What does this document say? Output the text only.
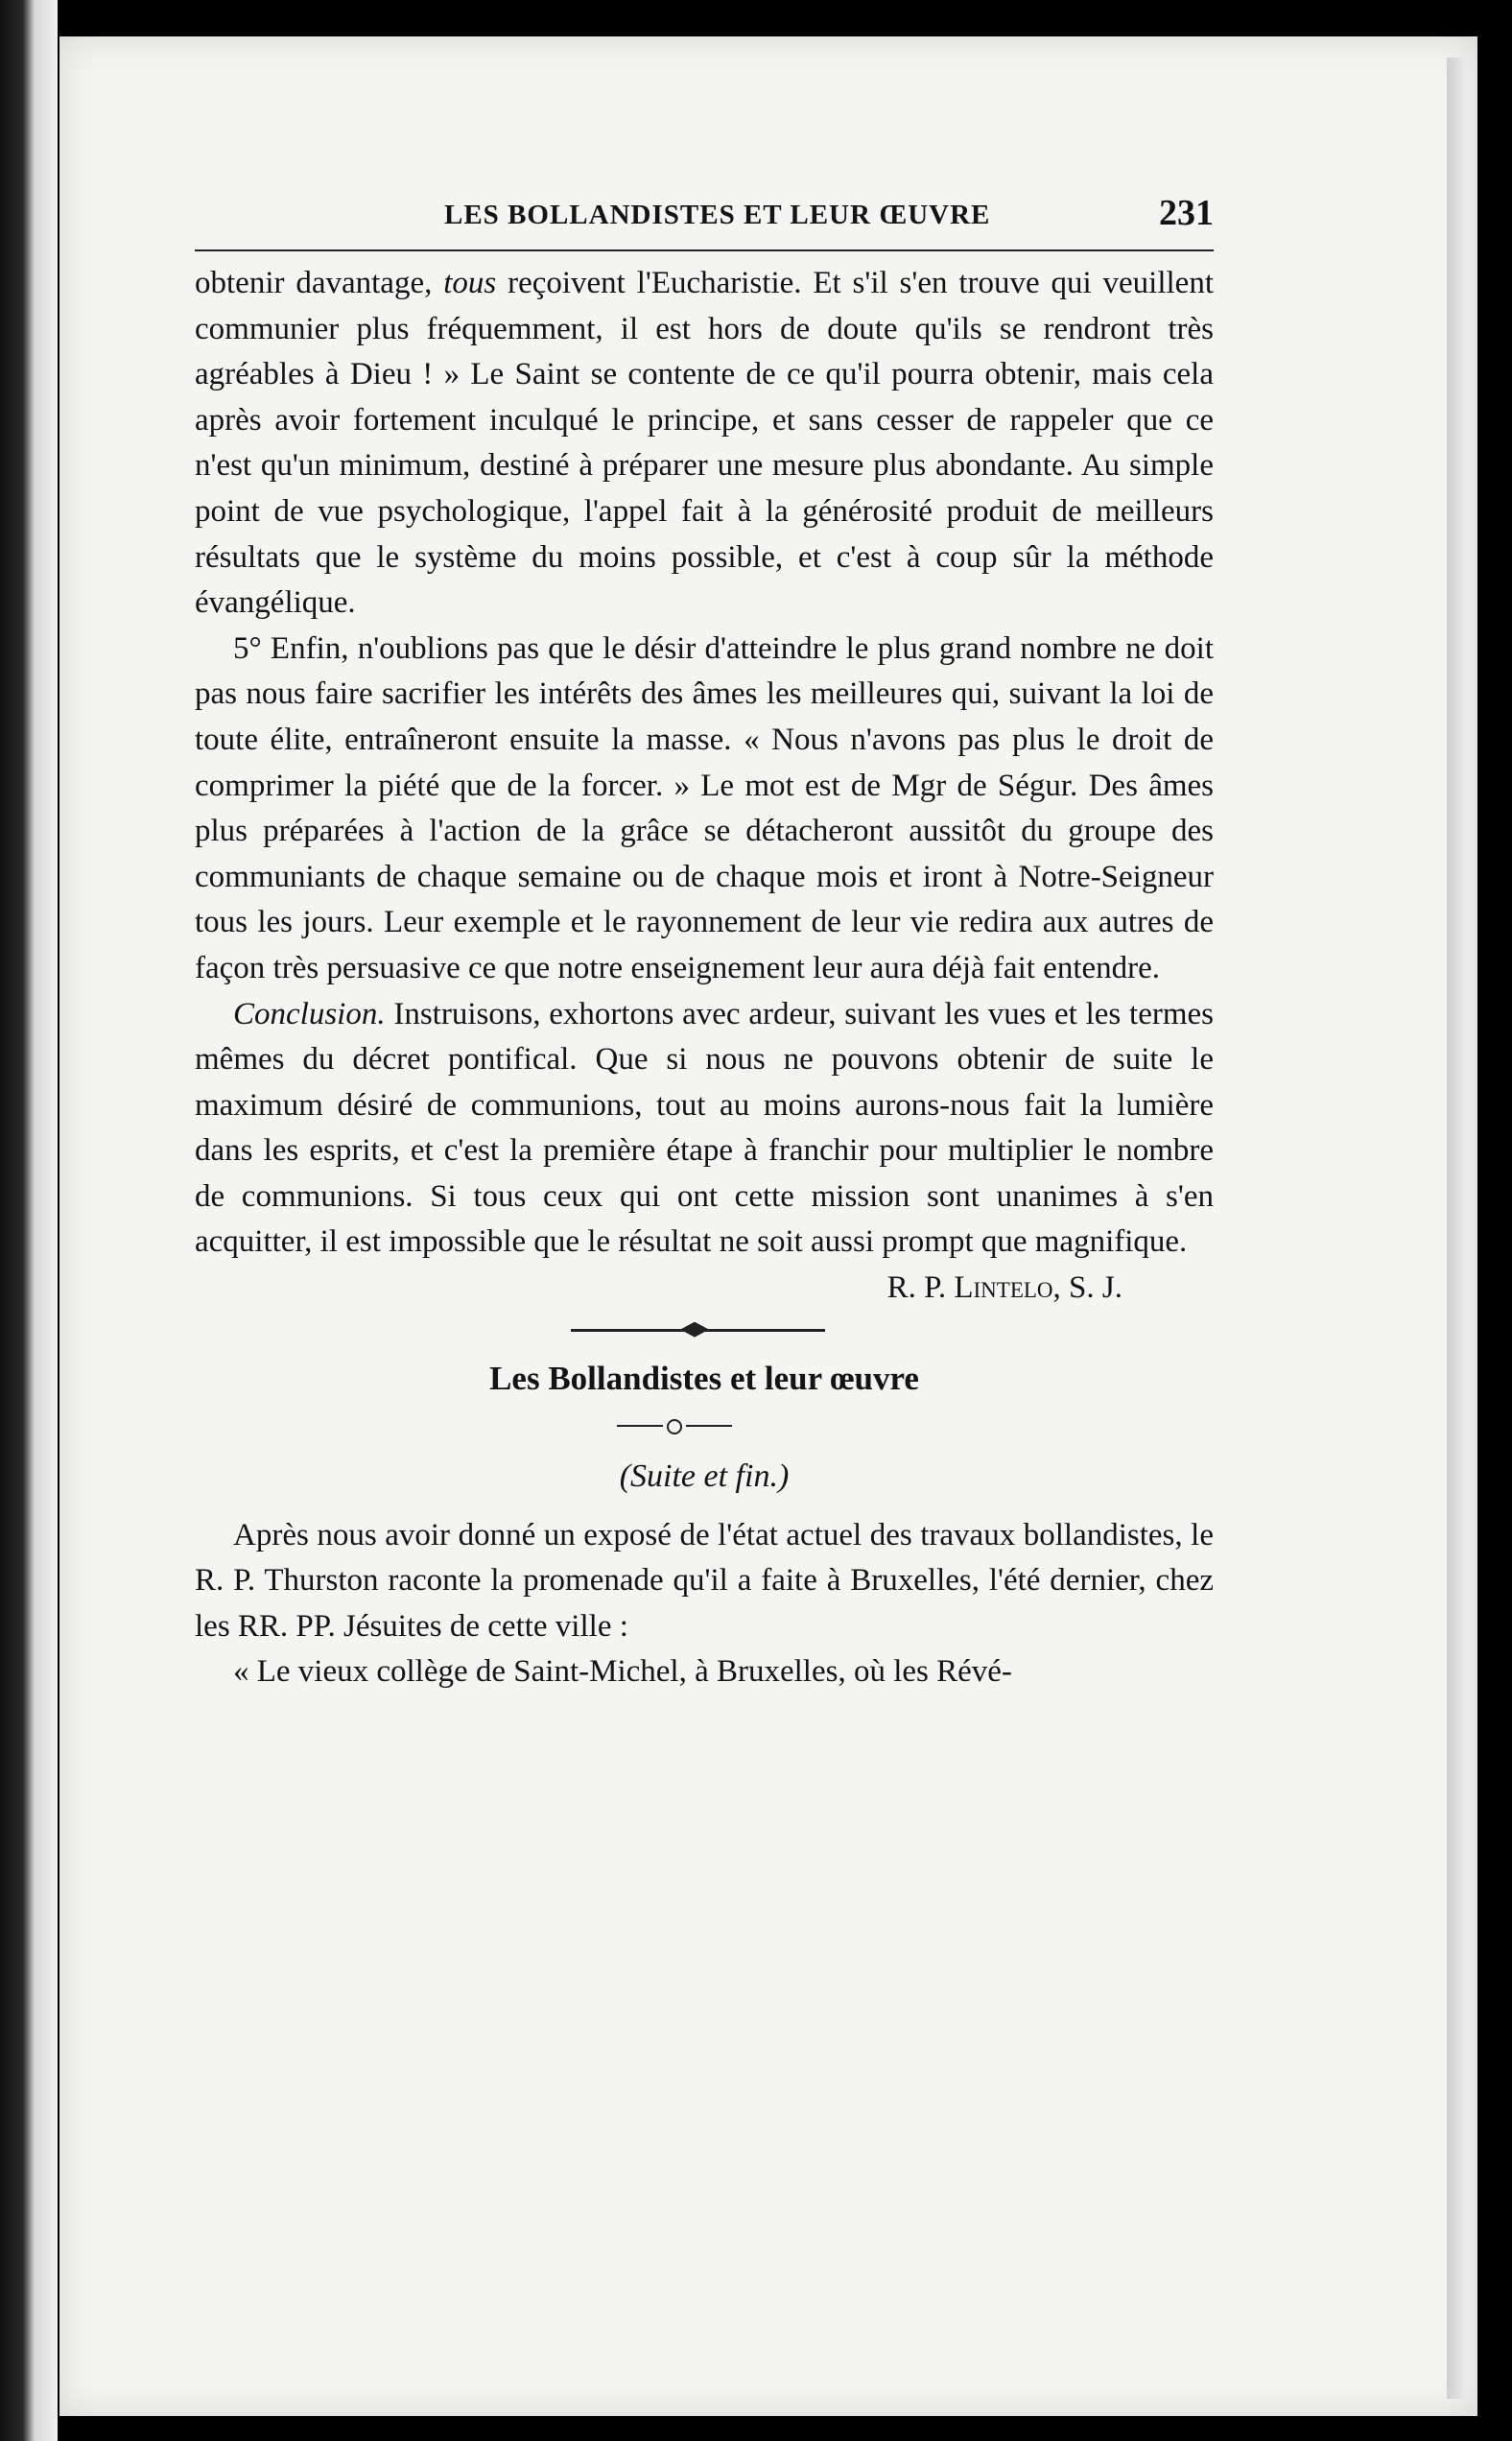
LES BOLLANDISTES ET LEUR ŒUVRE	231

obtenir davantage, tous reçoivent l'Eucharistie. Et s'il s'en trouve qui veuillent communier plus fréquemment, il est hors de doute qu'ils se rendront très agréables à Dieu ! » Le Saint se contente de ce qu'il pourra obtenir, mais cela après avoir fortement inculqué le principe, et sans cesser de rappeler que ce n'est qu'un minimum, destiné à préparer une mesure plus abondante. Au simple point de vue psychologique, l'appel fait à la générosité produit de meilleurs résultats que le système du moins possible, et c'est à coup sûr la méthode évangélique.

5° Enfin, n'oublions pas que le désir d'atteindre le plus grand nombre ne doit pas nous faire sacrifier les intérêts des âmes les meilleures qui, suivant la loi de toute élite, entraîneront ensuite la masse. « Nous n'avons pas plus le droit de comprimer la piété que de la forcer. » Le mot est de Mgr de Ségur. Des âmes plus préparées à l'action de la grâce se détacheront aussitôt du groupe des communiants de chaque semaine ou de chaque mois et iront à Notre-Seigneur tous les jours. Leur exemple et le rayonnement de leur vie redira aux autres de façon très persuasive ce que notre enseignement leur aura déjà fait entendre.

Conclusion. Instruisons, exhortons avec ardeur, suivant les vues et les termes mêmes du décret pontifical. Que si nous ne pouvons obtenir de suite le maximum désiré de communions, tout au moins aurons-nous fait la lumière dans les esprits, et c'est la première étape à franchir pour multiplier le nombre de communions. Si tous ceux qui ont cette mission sont unanimes à s'en acquitter, il est impossible que le résultat ne soit aussi prompt que magnifique.

R. P. Lintelo, S. J.
Les Bollandistes et leur œuvre
(Suite et fin.)

Après nous avoir donné un exposé de l'état actuel des travaux bollandistes, le R. P. Thurston raconte la promenade qu'il a faite à Bruxelles, l'été dernier, chez les RR. PP. Jésuites de cette ville :

« Le vieux collège de Saint-Michel, à Bruxelles, où les Révé-
